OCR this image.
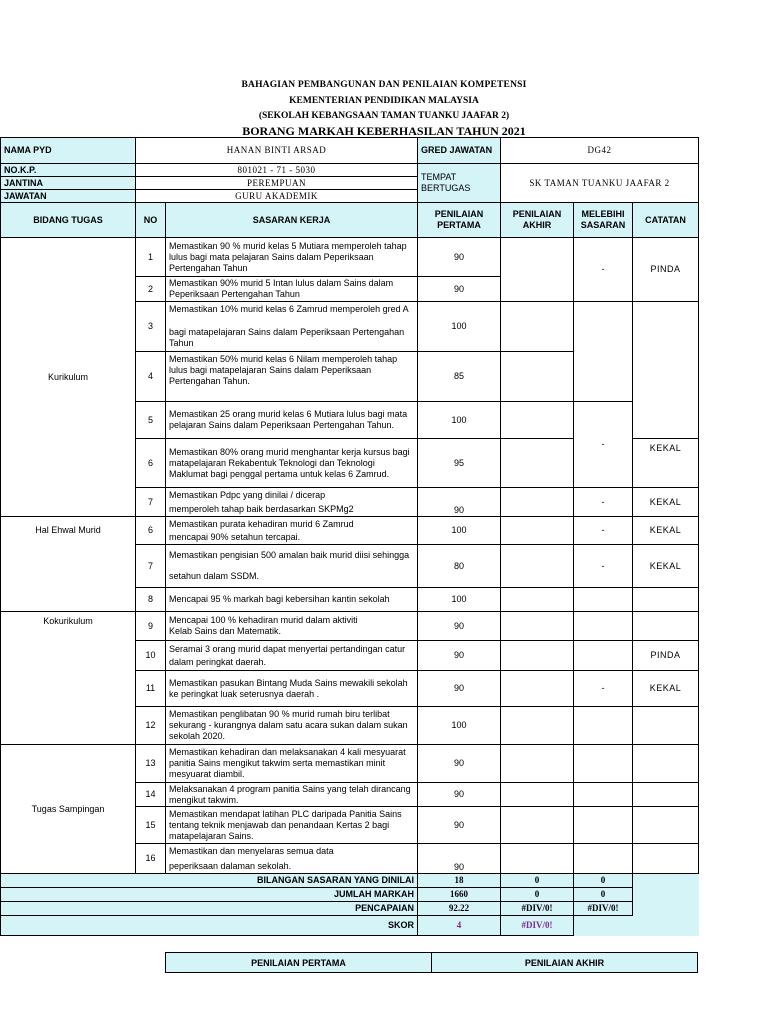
BAHAGIAN PEMBANGUNAN DAN PENILAIAN KOMPETENSI
KEMENTERIAN PENDIDIKAN MALAYSIA
(SEKOLAH KEBANGSAAN TAMAN TUANKU JAAFAR 2)
BORANG MARKAH KEBERHASILAN TAHUN 2021
NAMA PYD	HANAN BINTI ARSAD		GRED JAWATAN	DG42		
NO.K.P.	801021 - 71 - 5030		TEMPAT BERTUGAS	SK TAMAN TUANKU JAAFAR 2		
JANTINA	PEREMPUAN					
JAWATAN	GURU AKADEMIK					
BIDANG TUGAS	NO	SASARAN KERJA	PENILAIAN PERTAMA	PENILAIAN AKHIR	MELEBIHI SASARAN	CATATAN
Kurikulum	1	Memastikan 90 % murid kelas 5 Mutiara memperoleh tahap lulus bagi mata pelajaran Sains dalam Peperiksaan Pertengahan Tahun	90		-	PINDA
	2	Memastikan 90% murid 5 Intan lulus dalam Sains dalam Peperiksaan Pertengahan Tahun	90			
	3	Memastikan 10% murid kelas 6 Zamrud memperoleh gred A
bagi matapelajaran Sains dalam Peperiksaan Pertengahan Tahun	100			
	4	Memastikan 50% murid kelas 6 Nilam memperoleh tahap lulus bagi matapelajaran Sains dalam Peperiksaan Pertengahan Tahun.	85			
	5	Memastikan 25 orang murid kelas 6 Mutiara lulus bagi mata pelajaran Sains dalam Peperiksaan Pertengahan Tahun.	100		-	
	6	Memastikan 80% orang murid menghantar kerja kursus bagi matapelajaran Rekabentuk Teknologi dan Teknologi Maklumat bagi penggal pertama untuk kelas 6 Zamrud.	95			KEKAL
	7	Memastikan Pdpc yang dinilai / dicerap
memperoleh tahap baik berdasarkan SKPMg2	90		-	KEKAL
Hal Ehwal Murid	6	Memastikan purata kehadiran murid 6 Zamrud
mencapai 90% setahun tercapai.	100		-	KEKAL
	7	Memastikan pengisian 500 amalan baik murid diisi sehingga
setahun dalam SSDM.	80		-	KEKAL
	8	Mencapai 95 % markah bagi kebersihan kantin sekolah	100			
Kokurikulum	9	Mencapai 100 % kehadiran murid dalam aktiviti
Kelab Sains dan Matematik.	90			
	10	Seramai 3 orang murid dapat menyertai pertandingan catur
dalam peringkat daerah.	90			PINDA
	11	Memastikan pasukan Bintang Muda Sains mewakili sekolah ke peringkat luak seterusnya daerah .	90		-	KEKAL
	12	Memastikan penglibatan 90 % murid rumah biru terlibat sekurang - kurangnya dalam satu acara sukan dalam sukan sekolah 2020.	100			
Tugas Sampingan	13	Memastikan kehadiran dan melaksanakan 4 kali mesyuarat panitia Sains mengikut takwim serta memastikan minit mesyuarat diambil.	90			
	14	Melaksanakan 4 program panitia Sains yang telah dirancang mengikut takwim.	90			
	15	Memastikan mendapat latihan PLC daripada Panitia Sains tentang teknik menjawab dan penandaan Kertas 2 bagi matapelajaran Sains.	90			
	16	Memastikan dan menyelaras semua data
peperiksaan dalaman sekolah.	90			
BILANGAN SASARAN YANG DINILAI			18	0	0	
JUMLAH MARKAH			1660	0	0	
PENCAPAIAN			92.22	#DIV/0!	#DIV/0!	
SKOR			4	#DIV/0!		
PENILAIAN PERTAMA	PENILAIAN AKHIR
